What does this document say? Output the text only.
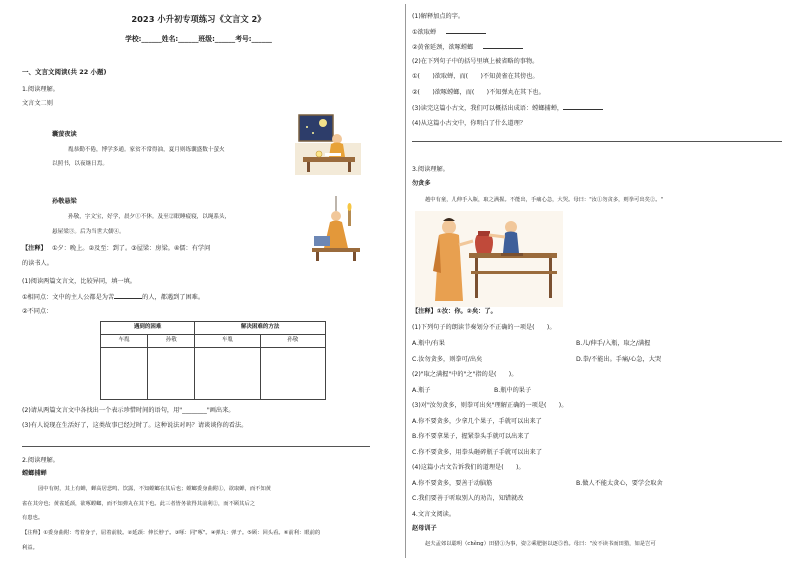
2023 小升初专项练习《文言文 2》
学校:______姓名:______班级:______考号:______
一、文言文阅读(共 22 小题)
1.阅读理解。
文言文二则
囊萤夜读
胤恭勤不倦，博学多通。家贫不常得油，夏月则练囊盛数十萤火
以照书，以夜继日焉。
孙敬悬梁
孙敬，字文宝，好学，晨夕①不休。及至②眠睡疲寝，以绳系头，
悬屋梁③。后为当世大儒④。
【注释】 ①夕：晚上。②及至：到了。③屋梁：房梁。④儒：有学问
的读书人。
(1)阅读两篇文言文，比较异同，填一填。
①相同点：文中的主人公都是为苦	的人，都遇到了困难。
②不同点：
遇到的困难		解决困难的方法	
车胤	孙敬	车胤	孙敬

(2)请从两篇文言文中各找出一个表示珍惜时间的语句，用"________"画出来。
(3)有人说现在生活好了，这类故事已经过时了。这种说法对吗？请谈谈你的看法。
2.阅读理解。
螳螂捕蝉
园中有树，其上有蝉，蝉高居悲鸣、饮露，不知螳螂在其后也；螳螂委身曲附①，欲取蝉，而不知黄
雀在其旁也；黄雀延颈，欲啄螳螂，而不知弹丸在其下也。此三者皆务欲得其前利②，而不顾其后之
有患也。
【注释】①委身曲附：弯着身子，屈着前肢。②延颈：伸长脖子。③啄：同"啄"。④弹丸：弹子。⑤顾：回头看。⑥前利：眼前的
利益。
(1)解释加点的字。
①欲取蝉
②黄雀延颈，欲啄螳螂
(2)在下列句子中的括号里填上被省略的事物。
①(　　)欲取蝉，而(　　)不知黄雀在其傍也。
②(　　)欲啄螳螂，而(　　)不知弹丸在其下也。
(3)读完这篇小古文，我们可以概括出成语：螳螂捕蝉，
(4)从这篇小古文中，你明白了什么道理？
3.阅读理解。
勿贪多
越中有童，儿伸手入瓶，取之满握。不能出，手痛心急，大哭。母曰："汝①勿贪多，则拳可出矣②。"
【注释】①汝：你。②矣：了。
(1)下列句子的朗读节奏划分不正确的一项是(　　)。
A.瓶中/有果	B.儿/伸手/入瓶，取之/满握
C.汝勿贪多，则拳可/出矣	D.拳/不能出。手痛/心急，大哭
(2)"取之满握"中的"之"指的是(　　)。
A.瓶子	B.瓶中的果子
(3)对"汝勿贪多，则拳可出矣"理解正确的一项是(　　)。
A.你不要贪多，少拿几个果子，手就可以出来了
B.你不要拿果子，握紧拳头手就可以出来了
C.你不要贪多，用拳头砸碎瓶子手就可以出来了
(4)这篇小古文告诉我们的道理是(　　)。
A.你不要贪多，要善于动脑筋	B.做人不能太贪心，要学会取舍
C.我们要善于听取别人的劝告，知错就改
4.文言文阅读。
赵母训子
赵夫孟郊以聪明（chěng）田猎①为事，姿②乘肥驱以逐⑤兽。母曰："汝不读书而田猎，如是岂可
